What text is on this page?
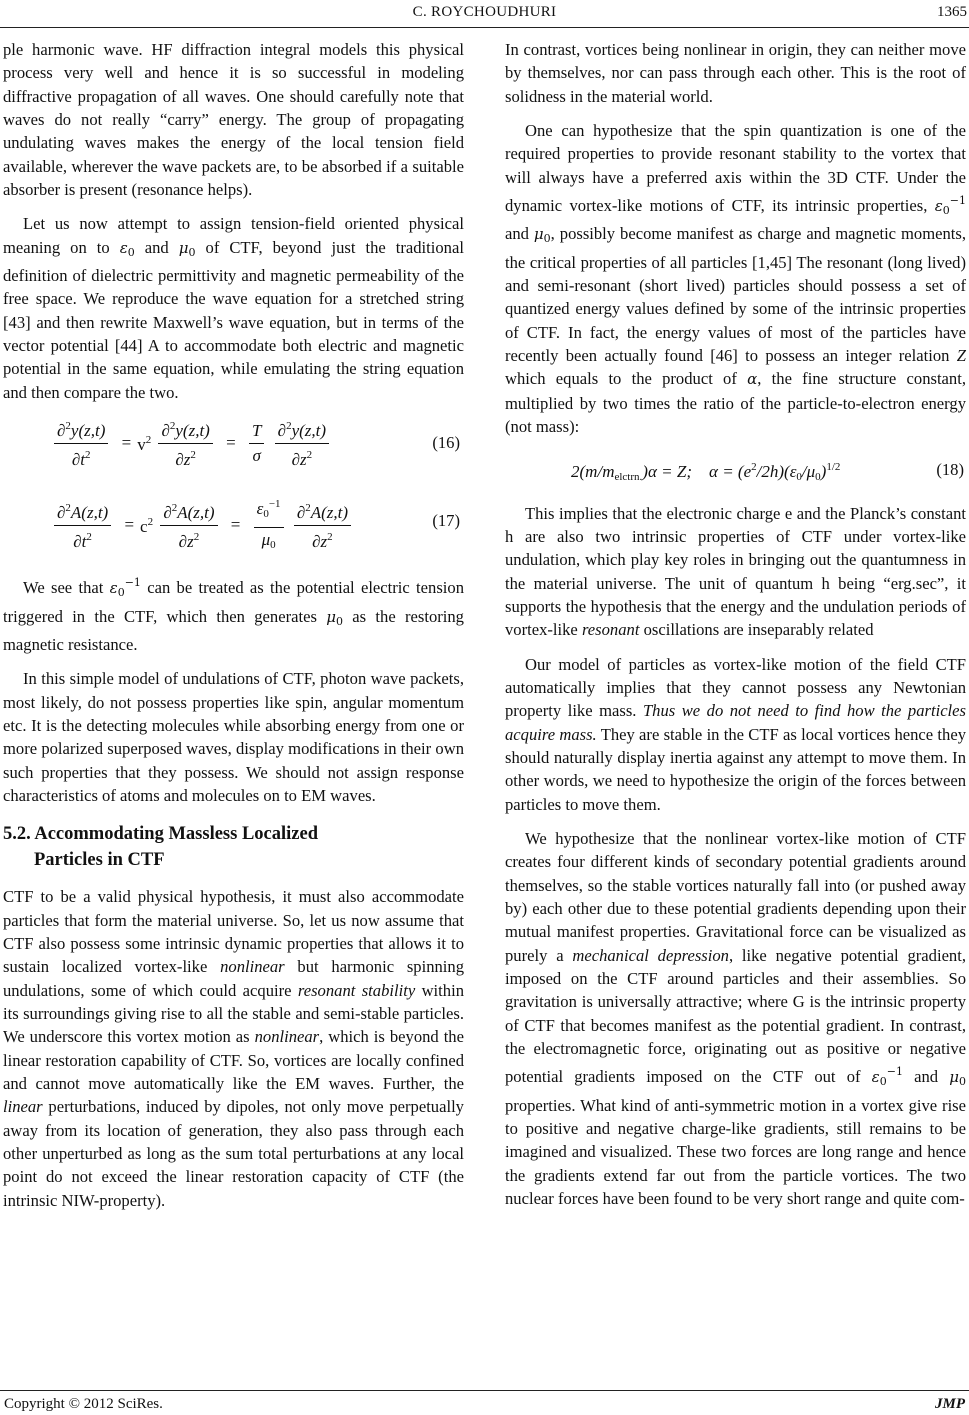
C. ROYCHOUDHURI	1365

ple harmonic wave. HF diffraction integral models this physical process very well and hence it is so successful in modeling diffractive propagation of all waves. One should carefully note that waves do not really “carry” energy. The group of propagating undulating waves makes the energy of the local tension field available, wherever the wave packets are, to be absorbed if a suitable absorber is present (resonance helps).

Let us now attempt to assign tension-field oriented physical meaning on to $\varepsilon_0$ and $\mu_0$ of CTF, beyond just the traditional definition of dielectric permittivity and magnetic permeability of the free space. We reproduce the wave equation for a stretched string [43] and then rewrite Maxwell’s wave equation, but in terms of the vector potential [44] A to accommodate both electric and magnetic potential in the same equation, while emulating the string equation and then compare the two.

$\frac{\partial^2y(z,t)}{\partial t^2} = v^2 \frac{\partial^2y(z,t)}{\partial z^2} = \frac{T}{\sigma}$
$\frac{\partial^2y(z,t)}{\partial z^2}$	(16)
$\frac{\partial^2A(z,t)}{\partial t^2} = c^2 \frac{\partial^2A(z,t)}{\partial z^2} = \frac{\varepsilon_0^{-1}}{\mu_0}$
$\frac{\partial^2A(z,t)}{\partial z^2}$	(17)

We see that $\varepsilon_0^{-1}$ can be treated as the potential electric tension triggered in the CTF, which then generates $\mu_0$ as the restoring magnetic resistance.

In this simple model of undulations of CTF, photon wave packets, most likely, do not possess properties like spin, angular momentum etc. It is the detecting molecules while absorbing energy from one or more polarized superposed waves, display modifications in their own such properties that they possess. We should not assign response characteristics of atoms and molecules on to EM waves.

5.2. Accommodating Massless Localized
Particles in CTF

CTF to be a valid physical hypothesis, it must also accommodate particles that form the material universe. So, let us now assume that CTF also possess some intrinsic dynamic properties that allows it to sustain localized vortex-like nonlinear but harmonic spinning undulations, some of which could acquire resonant stability within its surroundings giving rise to all the stable and semi-stable particles. We underscore this vortex motion as nonlinear, which is beyond the linear restoration capability of CTF. So, vortices are locally confined and cannot move automatically like the EM waves. Further, the linear perturbations, induced by dipoles, not only move perpetually away from its location of generation, they also pass through each other unperturbed as long as the sum total perturbations at any local point do not exceed the linear restoration capacity of CTF (the intrinsic NIW-property).

In contrast, vortices being nonlinear in origin, they can neither move by themselves, nor can pass through each other. This is the root of solidness in the material world.

One can hypothesize that the spin quantization is one of the required properties to provide resonant stability to the vortex that will always have a preferred axis within the 3D CTF. Under the dynamic vortex-like motions of CTF, its intrinsic properties, $\varepsilon_0^{-1}$ and $\mu_0$, possibly become manifest as charge and magnetic moments, the critical properties of all particles [1,45] The resonant (long lived) and semi-resonant (short lived) particles should possess a set of quantized energy values defined by some of the intrinsic properties of CTF. In fact, the energy values of most of the particles have recently been actually found [46] to possess an integer relation Z which equals to the product of α, the fine structure constant, multiplied by two times the ratio of the particle-to-electron energy (not mass):

$2(m/m_{elctrn.})\alpha = Z$;    $\alpha = (e^2/2h)(\varepsilon_0/\mu_0)^{1/2}$	(18)

This implies that the electronic charge e and the Planck’s constant h are also two intrinsic properties of CTF under vortex-like undulation, which play key roles in bringing out the quantumness in the material universe. The unit of quantum h being “erg.sec”, it supports the hypothesis that the energy and the undulation periods of vortex-like resonant oscillations are inseparably related

Our model of particles as vortex-like motion of the field CTF automatically implies that they cannot possess any Newtonian property like mass. Thus we do not need to find how the particles acquire mass. They are stable in the CTF as local vortices hence they should naturally display inertia against any attempt to move them. In other words, we need to hypothesize the origin of the forces between particles to move them.

We hypothesize that the nonlinear vortex-like motion of CTF creates four different kinds of secondary potential gradients around themselves, so the stable vortices naturally fall into (or pushed away by) each other due to these potential gradients depending upon their mutual manifest properties. Gravitational force can be visualized as purely a mechanical depression, like negative potential gradient, imposed on the CTF around particles and their assemblies. So gravitation is universally attractive; where G is the intrinsic property of CTF that becomes manifest as the potential gradient. In contrast, the electromagnetic force, originating out as positive or negative potential gradients imposed on the CTF out of $\varepsilon_0^{-1}$ and $\mu_0$ properties. What kind of anti-symmetric motion in a vortex give rise to positive and negative charge-like gradients, still remains to be imagined and visualized. These two forces are long range and hence the gradients extend far out from the particle vortices. The two nuclear forces have been found to be very short range and quite com-

Copyright © 2012 SciRes.	JMP
